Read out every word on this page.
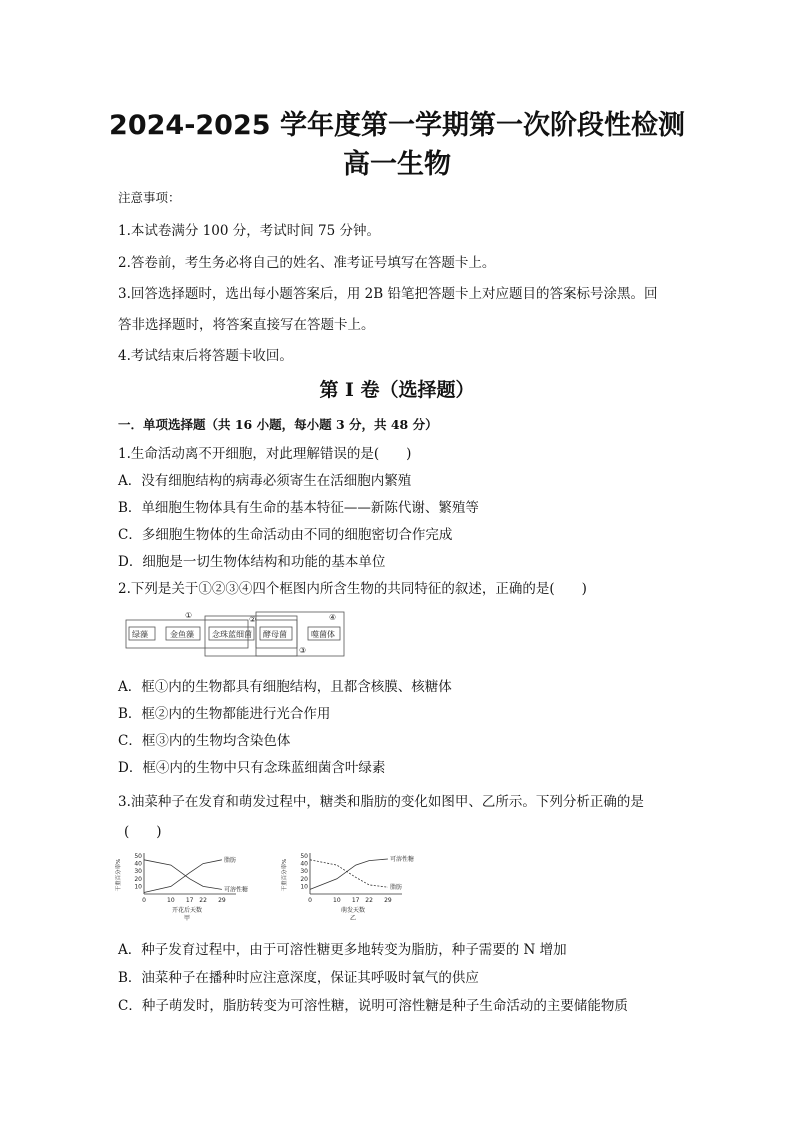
2024-2025 学年度第一学期第一次阶段性检测
高一生物
注意事项：
1.本试卷满分 100 分，考试时间 75 分钟。
2.答卷前，考生务必将自己的姓名、准考证号填写在答题卡上。
3.回答选择题时，选出每小题答案后，用 2B 铅笔把答题卡上对应题目的答案标号涂黑。回
答非选择题时，将答案直接写在答题卡上。
4.考试结束后将答题卡收回。
第 I 卷（选择题）
一．单项选择题（共 16 小题，每小题 3 分，共 48 分）
1.生命活动离不开细胞，对此理解错误的是(　　)
A．没有细胞结构的病毒必须寄生在活细胞内繁殖
B．单细胞生物体具有生命的基本特征——新陈代谢、繁殖等
C．多细胞生物体的生命活动由不同的细胞密切合作完成
D．细胞是一切生物体结构和功能的基本单位
2.下列是关于①②③④四个框图内所含生物的共同特征的叙述，正确的是(　　)
①	②
③
④
绿藻	金鱼藻 念珠蓝细菌 酵母菌	噬菌体
A．框①内的生物都具有细胞结构，且都含核膜、核糖体
B．框②内的生物都能进行光合作用
C．框③内的生物均含染色体
D．框④内的生物中只有念珠蓝细菌含叶绿素
3.油菜种子在发育和萌发过程中，糖类和脂肪的变化如图甲、乙所示。下列分析正确的是
(　　)
干重百分率%
50
40
30
20
10
0	10 17 22 29
开花后天数
甲
脂肪
可溶性糖	干重百分率%
50
40
30
20
10
0	10 17 22 29
萌发天数
乙
可溶性糖
脂肪
A．种子发育过程中，由于可溶性糖更多地转变为脂肪，种子需要的 N 增加
B．油菜种子在播种时应注意深度，保证其呼吸时氧气的供应
C．种子萌发时，脂肪转变为可溶性糖，说明可溶性糖是种子生命活动的主要储能物质
